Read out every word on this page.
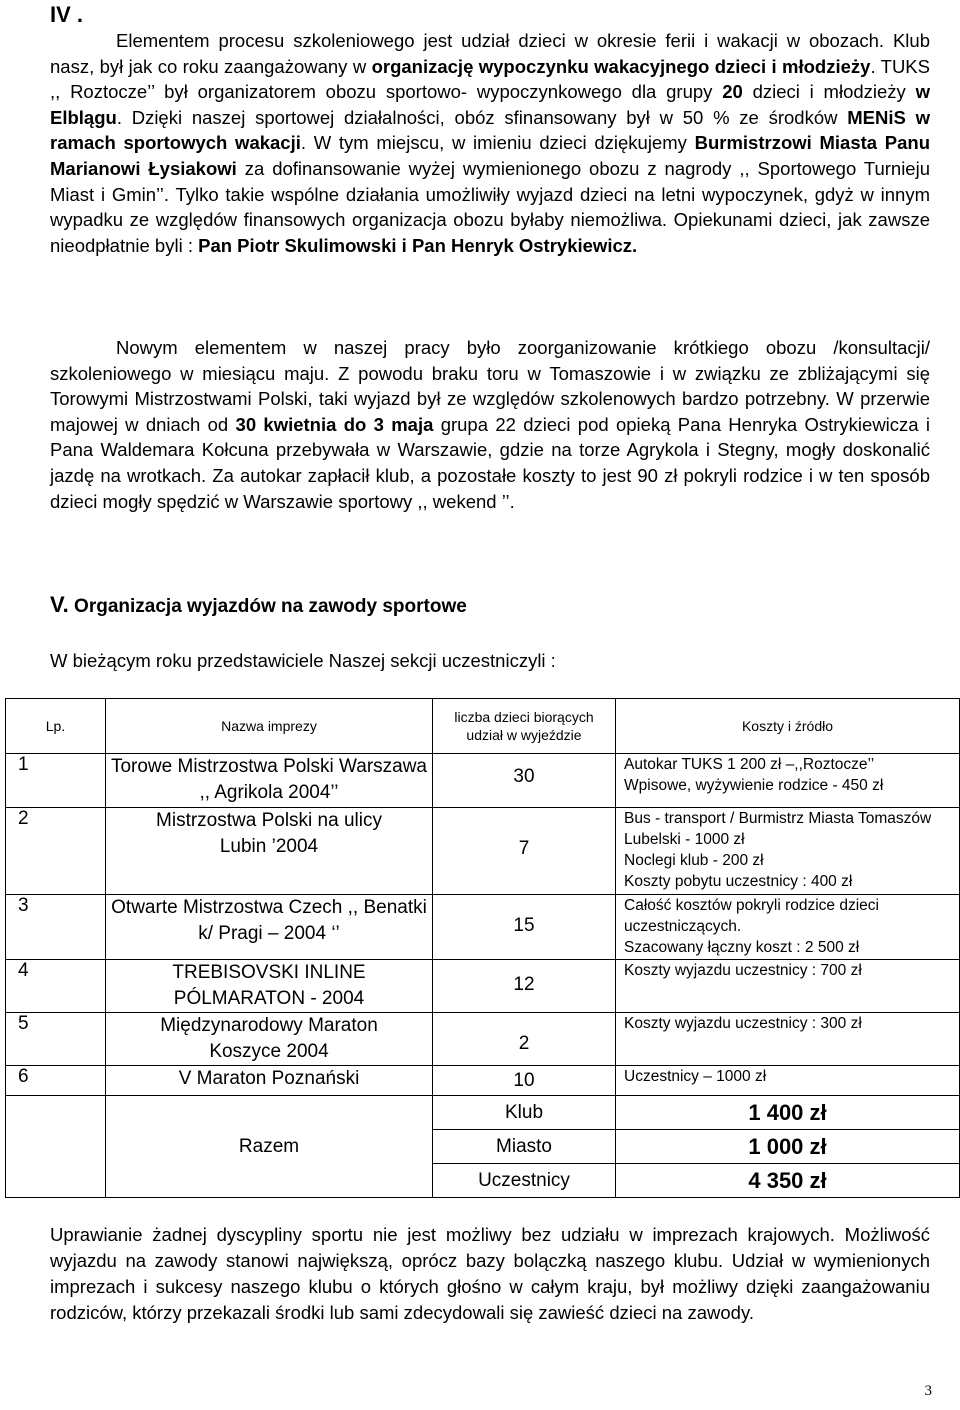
IV .

Elementem procesu szkoleniowego jest udział dzieci w okresie ferii i wakacji w obozach. Klub nasz, był jak co roku zaangażowany w organizację wypoczynku wakacyjnego dzieci i młodzieży. TUKS ,, Roztocze’’ był organizatorem obozu sportowo- wypoczynkowego dla grupy 20 dzieci i młodzieży w Elblągu. Dzięki naszej sportowej działalności, obóz sfinansowany był w 50 % ze środków MENiS w ramach sportowych wakacji. W tym miejscu, w imieniu dzieci dziękujemy Burmistrzowi Miasta Panu Marianowi Łysiakowi za dofinansowanie wyżej wymienionego obozu z nagrody ,, Sportowego Turnieju Miast i Gmin’’. Tylko takie wspólne działania umożliwiły wyjazd dzieci na letni wypoczynek, gdyż w innym wypadku ze względów finansowych organizacja obozu byłaby niemożliwa. Opiekunami dzieci, jak zawsze nieodpłatnie byli : Pan Piotr Skulimowski i Pan Henryk Ostrykiewicz.

Nowym elementem w naszej pracy było zoorganizowanie krótkiego obozu /konsultacji/ szkoleniowego w miesiącu maju. Z powodu braku toru w Tomaszowie i w związku ze zbliżającymi się Torowymi Mistrzostwami Polski, taki wyjazd był ze względów szkolenowych bardzo potrzebny. W przerwie majowej w dniach od 30 kwietnia do 3 maja grupa 22 dzieci pod opieką Pana Henryka Ostrykiewicza i Pana Waldemara Kołcuna przebywała w Warszawie, gdzie na torze Agrykola i Stegny, mogły doskonalić jazdę na wrotkach. Za autokar zapłacił klub, a pozostałe koszty to jest 90 zł pokryli rodzice i w ten sposób dzieci mogły spędzić w Warszawie sportowy ,, wekend ’’.

V. Organizacja wyjazdów na zawody sportowe

W bieżącym roku przedstawiciele Naszej sekcji uczestniczyli :

Lp.	Nazwa imprezy	liczba dzieci biorących udział w wyjeździe	Koszty i źródło
1	Torowe Mistrzostwa Polski Warszawa ,, Agrikola 2004’’	30	Autokar TUKS 1 200 zł –,,Roztocze’’
Wpisowe, wyżywienie rodzice - 450 zł

2	Mistrzostwa Polski na ulicy Lubin ’2004	7	Bus - transport / Burmistrz Miasta Tomaszów Lubelski - 1000 zł
Noclegi klub - 200 zł
Koszty pobytu uczestnicy : 400 zł

3	Otwarte Mistrzostwa Czech ,, Benatki k/ Pragi – 2004 ‘’	15	Całość kosztów pokryli rodzice dzieci uczestniczących.
Szacowany łączny koszt : 2 500 zł

4	TREBISOVSKI INLINE PÓLMARATON - 2004	12	Koszty wyjazdu uczestnicy : 700 zł

5	Międzynarodowy Maraton Koszyce 2004	2	Koszty wyjazdu uczestnicy : 300 zł

6	V Maraton Poznański	10	Uczestnicy – 1000 zł

	Razem	Klub	1 400 zł
		Miasto	1 000 zł
		Uczestnicy	4 350 zł

Uprawianie żadnej dyscypliny sportu nie jest możliwy bez udziału w imprezach krajowych. Możliwość wyjazdu na zawody stanowi największą, oprócz bazy bolączką naszego klubu. Udział w wymienionych imprezach i sukcesy naszego klubu o których głośno w całym kraju, był możliwy dzięki zaangażowaniu rodziców, którzy przekazali środki lub sami zdecydowali się zawieść dzieci na zawody.

3
